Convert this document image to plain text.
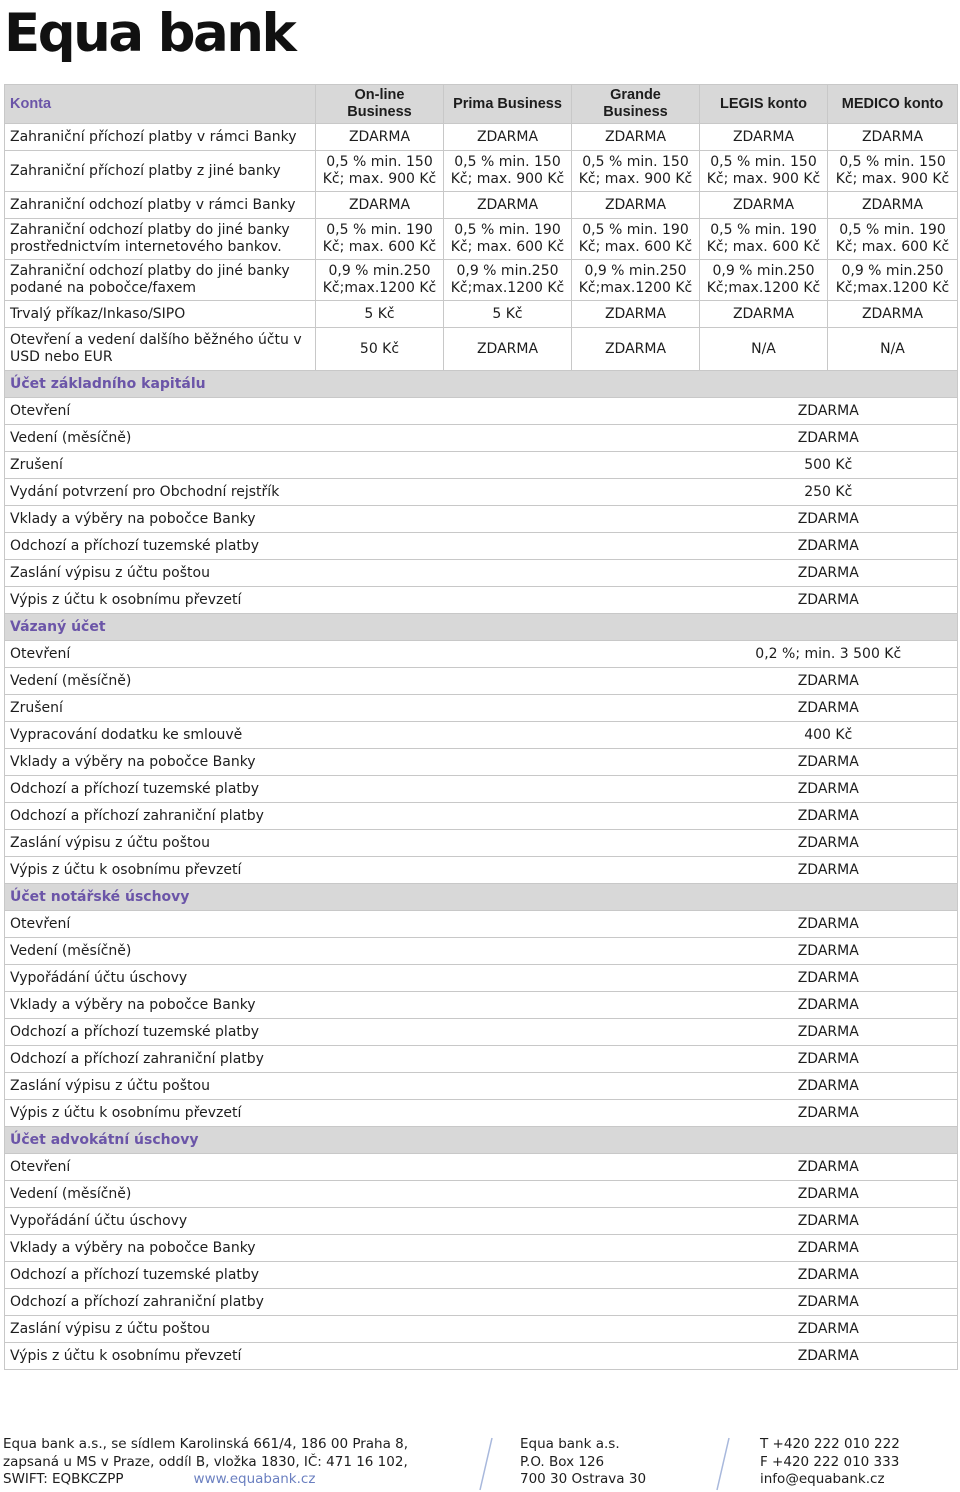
Equa bank
Konta	On-line Business	Prima Business	Grande Business	LEGIS konto	MEDICO konto
Zahraniční příchozí platby v rámci Banky	ZDARMA	ZDARMA	ZDARMA	ZDARMA	ZDARMA
Zahraniční příchozí platby z jiné banky	0,5 % min. 150 Kč; max. 900 Kč	0,5 % min. 150 Kč; max. 900 Kč	0,5 % min. 150 Kč; max. 900 Kč	0,5 % min. 150 Kč; max. 900 Kč	0,5 % min. 150 Kč; max. 900 Kč
Zahraniční odchozí platby v rámci Banky	ZDARMA	ZDARMA	ZDARMA	ZDARMA	ZDARMA
Zahraniční odchozí platby do jiné banky prostřednictvím internetového bankov.	0,5 % min. 190 Kč; max. 600 Kč	0,5 % min. 190 Kč; max. 600 Kč	0,5 % min. 190 Kč; max. 600 Kč	0,5 % min. 190 Kč; max. 600 Kč	0,5 % min. 190 Kč; max. 600 Kč
Zahraniční odchozí platby do jiné banky podané na pobočce/faxem	0,9 % min.250 Kč;max.1200 Kč	0,9 % min.250 Kč;max.1200 Kč	0,9 % min.250 Kč;max.1200 Kč	0,9 % min.250 Kč;max.1200 Kč	0,9 % min.250 Kč;max.1200 Kč
Trvalý příkaz/Inkaso/SIPO	5 Kč	5 Kč	ZDARMA	ZDARMA	ZDARMA
Otevření a vedení dalšího běžného účtu v USD nebo EUR	50 Kč	ZDARMA	ZDARMA	N/A	N/A
Účet základního kapitálu					
Otevření				ZDARMA	
Vedení (měsíčně)				ZDARMA	
Zrušení				500 Kč	
Vydání potvrzení pro Obchodní rejstřík				250 Kč	
Vklady a výběry na pobočce Banky				ZDARMA	
Odchozí a příchozí tuzemské platby				ZDARMA	
Zaslání výpisu z účtu poštou				ZDARMA	
Výpis z účtu k osobnímu převzetí				ZDARMA	
Vázaný účet					
Otevření				0,2 %; min. 3 500 Kč	
Vedení (měsíčně)				ZDARMA	
Zrušení				ZDARMA	
Vypracování dodatku ke smlouvě				400 Kč	
Vklady a výběry na pobočce Banky				ZDARMA	
Odchozí a příchozí tuzemské platby				ZDARMA	
Odchozí a příchozí zahraniční platby				ZDARMA	
Zaslání výpisu z účtu poštou				ZDARMA	
Výpis z účtu k osobnímu převzetí				ZDARMA	
Účet notářské úschovy					
Otevření				ZDARMA	
Vedení (měsíčně)				ZDARMA	
Vypořádání účtu úschovy				ZDARMA	
Vklady a výběry na pobočce Banky				ZDARMA	
Odchozí a příchozí tuzemské platby				ZDARMA	
Odchozí a příchozí zahraniční platby				ZDARMA	
Zaslání výpisu z účtu poštou				ZDARMA	
Výpis z účtu k osobnímu převzetí				ZDARMA	
Účet advokátní úschovy					
Otevření				ZDARMA	
Vedení (měsíčně)				ZDARMA	
Vypořádání účtu úschovy				ZDARMA	
Vklady a výběry na pobočce Banky				ZDARMA	
Odchozí a příchozí tuzemské platby				ZDARMA	
Odchozí a příchozí zahraniční platby				ZDARMA	
Zaslání výpisu z účtu poštou				ZDARMA	
Výpis z účtu k osobnímu převzetí				ZDARMA	
Equa bank a.s., se sídlem Karolinská 661/4, 186 00 Praha 8,
zapsaná u MS v Praze, oddíl B, vložka 1830, IČ: 471 16 102,
SWIFT: EQBKCZPP	www.equabank.cz
Equa bank a.s.
P.O. Box 126
700 30 Ostrava 30
T +420 222 010 222
F +420 222 010 333
info@equabank.cz
